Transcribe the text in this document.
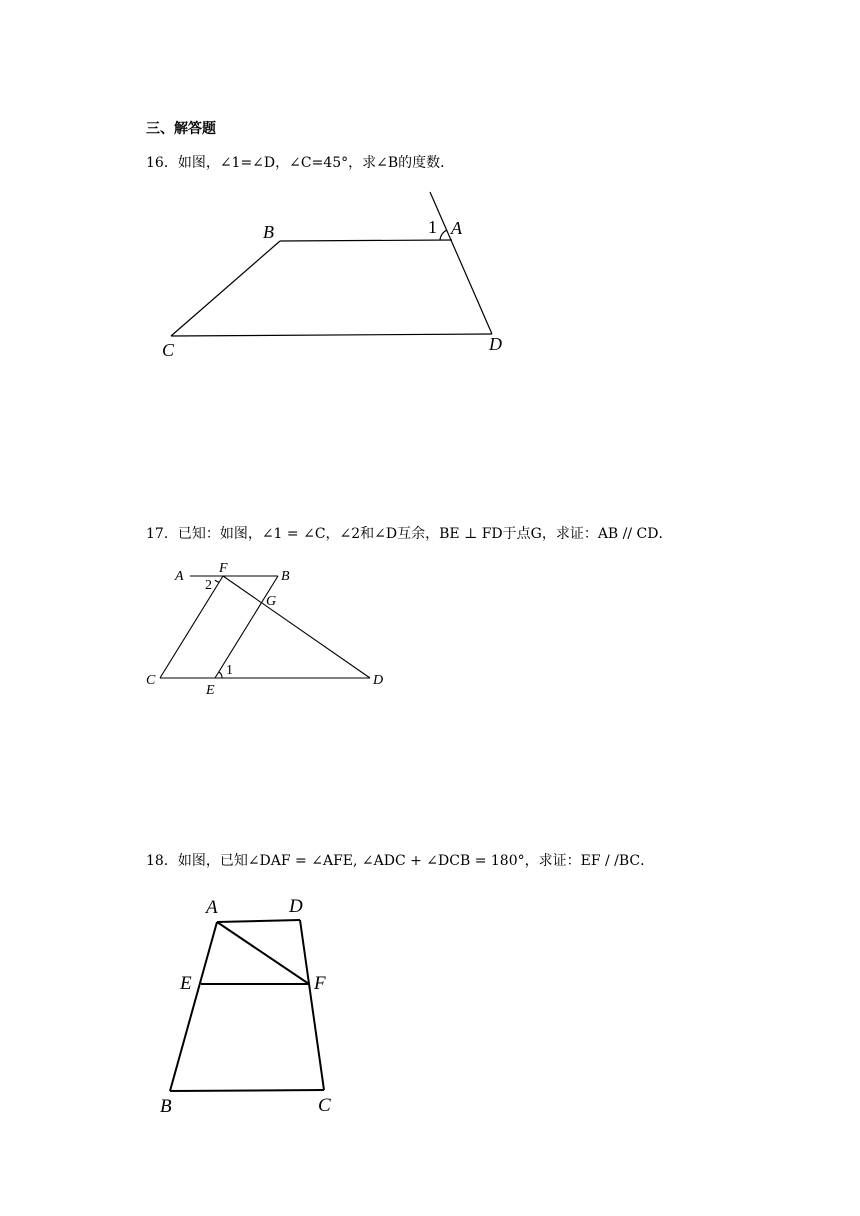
三、解答题
16．如图，∠1=∠D，∠C=45°，求∠B的度数．
B	A
C	D
1
17．已知：如图，∠1 = ∠C，∠2和∠D互余，BE ⊥ FD于点G，求证：AB // CD．
A
F
B
2
G
C
E
1
D
18．如图，已知∠DAF = ∠AFE, ∠ADC + ∠DCB = 180°，求证：EF / /BC．
A	D
E	F
B	C
